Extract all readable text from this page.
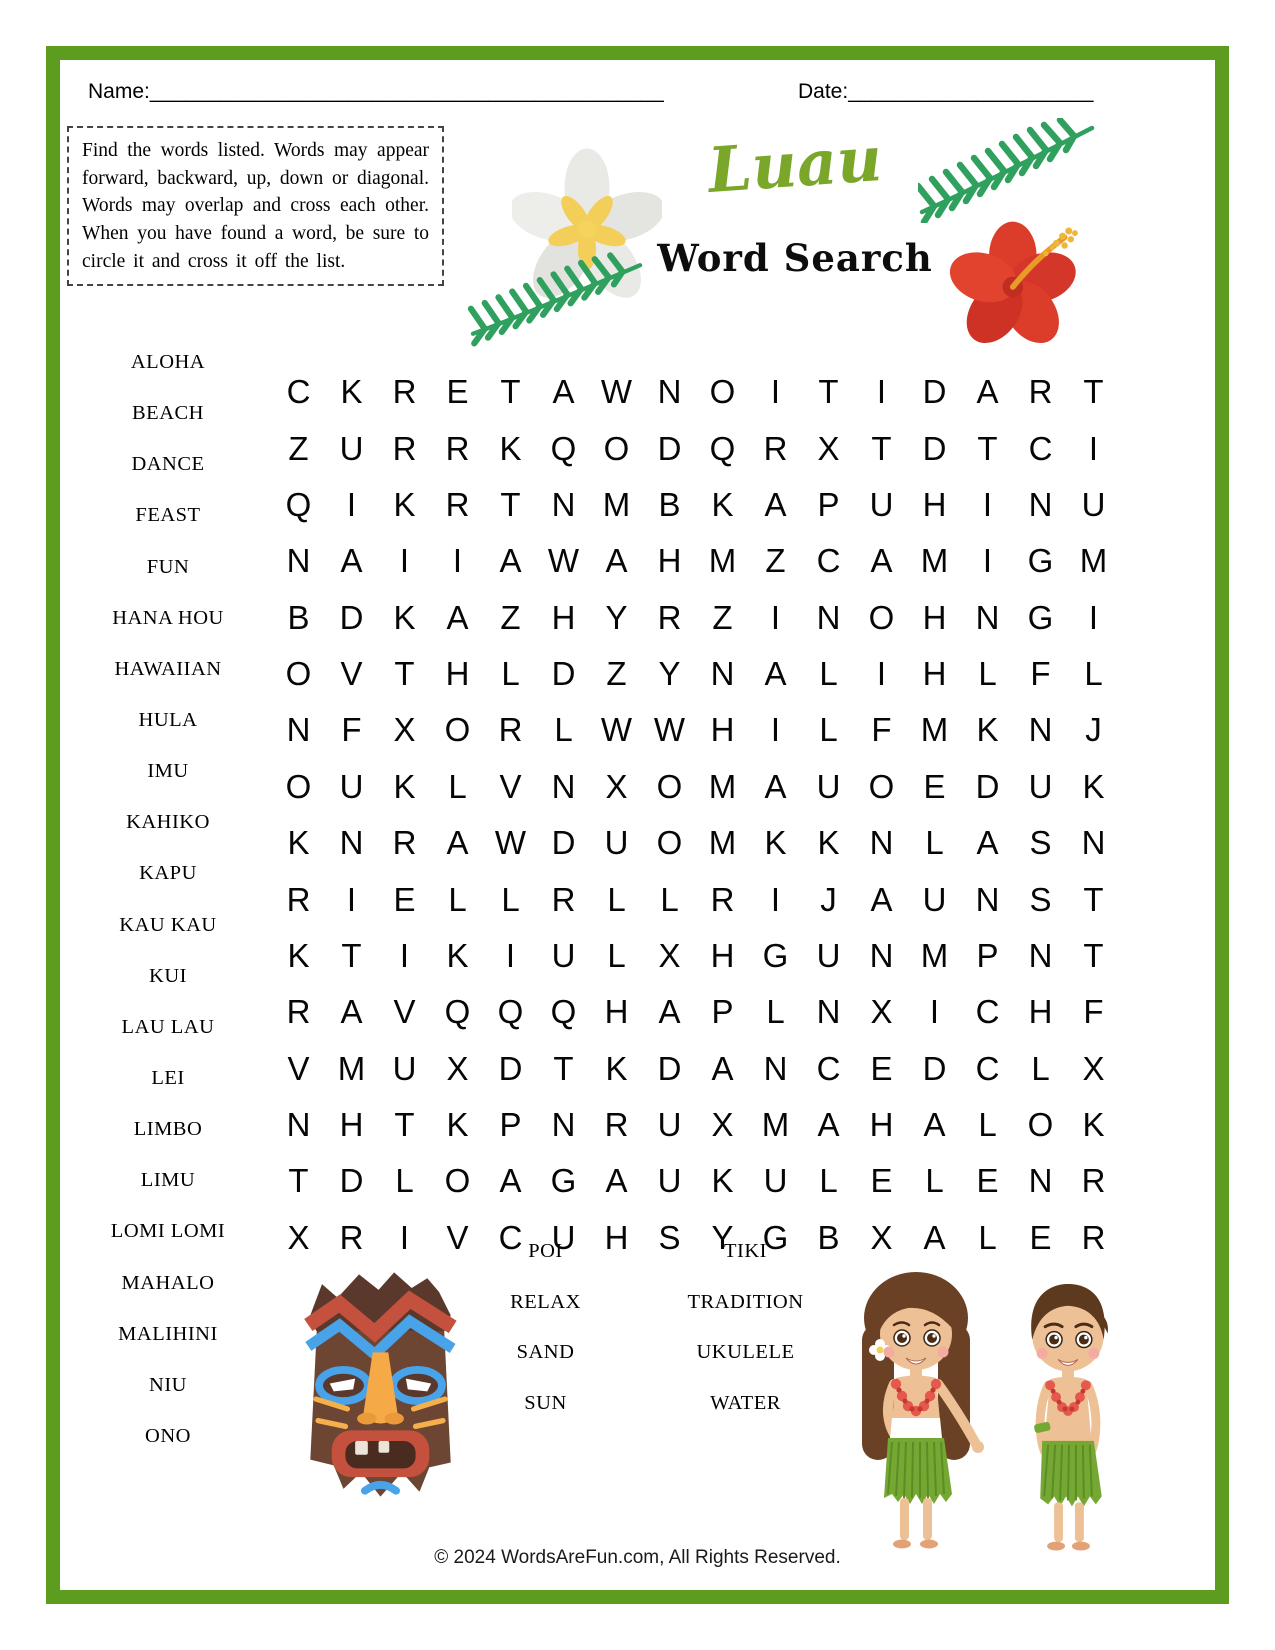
Name:____________________________________________	Date:_____________________
Find the words listed. Words may appear forward, backward, up, down or diagonal. Words may overlap and cross each other. When you have found a word, be sure to circle it and cross it off the list.
Luau
Word Search
ALOHA
BEACH
DANCE
FEAST
FUN
HANA HOU
HAWAIIAN
HULA
IMU
KAHIKO
KAPU
KAU KAU
KUI
LAU LAU
LEI
LIMBO
LIMU
LOMI LOMI
MAHALO
MALIHINI
NIU
ONO
C K R E T A W N O	I	T	I	D A R T
Z U R R K Q O D Q R X T D T C	I
Q	I	K R T N M B K A P U H	I	N U
N A	I	I	A W A H M Z C A M	I	G M
B D K A Z H Y R Z	I	N O H N G	I
O V T H L D Z Y N A L	I	H L	F	L
N F X O R L W W H	I	L	F M K N J
O U K L V N X O M A U O E D U K
K N R A W D U O M K K N L A S N
R	I	E L	L R L	L R	I	J	A U N S T
K T	I	K	I	U L X H G U N M P N T
R A V Q Q Q H A P L N X	I	C H F
V M U X D T K D A N C E D C L X
N H T K P N R U X M A H A L O K
T D L O A G A U K U L E L E N R
X R	I	V C U H S Y G B X A L E R
POI
RELAX
SAND
SUN
TIKI
TRADITION
UKULELE
WATER
© 2024 WordsAreFun.com, All Rights Reserved.
